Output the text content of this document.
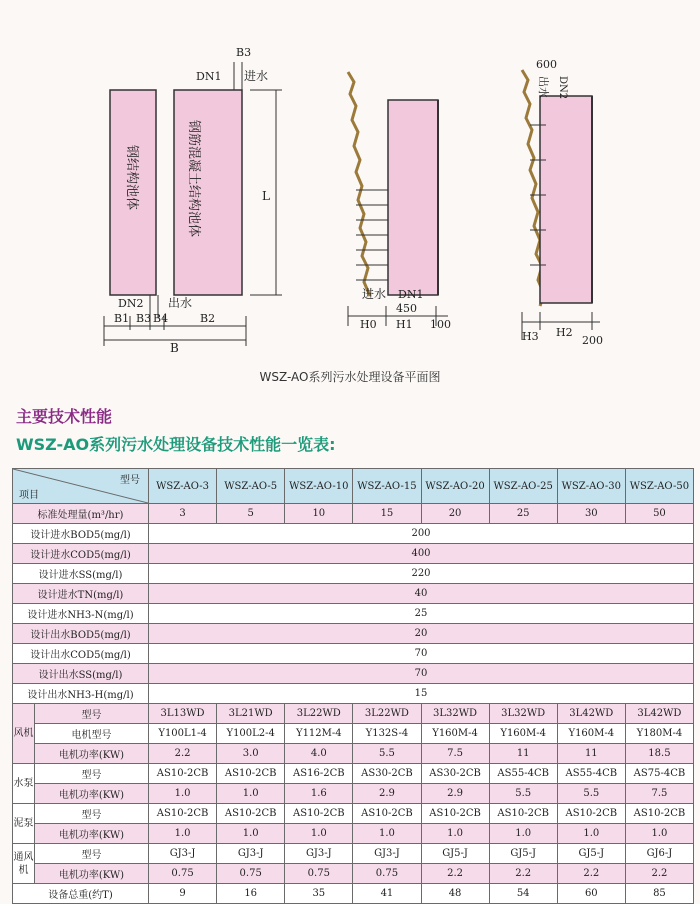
钢结构池体	钢筋混凝土结构池体
B3
DN1 进水
L
DN2 出水
B1 B3 B4	B2
B
进水 DN1
450
H0 H1 100
600
出水 DN2
H3 H2
200
WSZ-AO系列污水处理设备平面图
主要技术性能
WSZ-AO系列污水处理设备技术性能一览表:
型号
项目		WSZ-AO-3	WSZ-AO-5	WSZ-AO-10	WSZ-AO-15	WSZ-AO-20	WSZ-AO-25	WSZ-AO-30	WSZ-AO-50
标准处理量(m³/hr)		3	5	10	15	20	25	30	50
设计进水BOD5(mg/l)		200							
设计进水COD5(mg/l)		400							
设计进水SS(mg/l)		220							
设计进水TN(mg/l)		40							
设计进水NH3-N(mg/l)		25							
设计出水BOD5(mg/l)		20							
设计出水COD5(mg/l)		70							
设计出水SS(mg/l)		70							
设计出水NH3-H(mg/l)		15							
风机	型号	3L13WD	3L21WD	3L22WD	3L22WD	3L32WD	3L32WD	3L42WD	3L42WD
	电机型号	Y100L1-4	Y100L2-4	Y112M-4	Y132S-4	Y160M-4	Y160M-4	Y160M-4	Y180M-4
	电机功率(KW)	2.2	3.0	4.0	5.5	7.5	11	11	18.5
水泵	型号	AS10-2CB	AS10-2CB	AS16-2CB	AS30-2CB	AS30-2CB	AS55-4CB	AS55-4CB	AS75-4CB
	电机功率(KW)	1.0	1.0	1.6	2.9	2.9	5.5	5.5	7.5
泥泵	型号	AS10-2CB	AS10-2CB	AS10-2CB	AS10-2CB	AS10-2CB	AS10-2CB	AS10-2CB	AS10-2CB
	电机功率(KW)	1.0	1.0	1.0	1.0	1.0	1.0	1.0	1.0
通风机	型号	GJ3-J	GJ3-J	GJ3-J	GJ3-J	GJ5-J	GJ5-J	GJ5-J	GJ6-J
	电机功率(KW)	0.75	0.75	0.75	0.75	2.2	2.2	2.2	2.2
设备总重(约T)		9	16	35	41	48	54	60	85
